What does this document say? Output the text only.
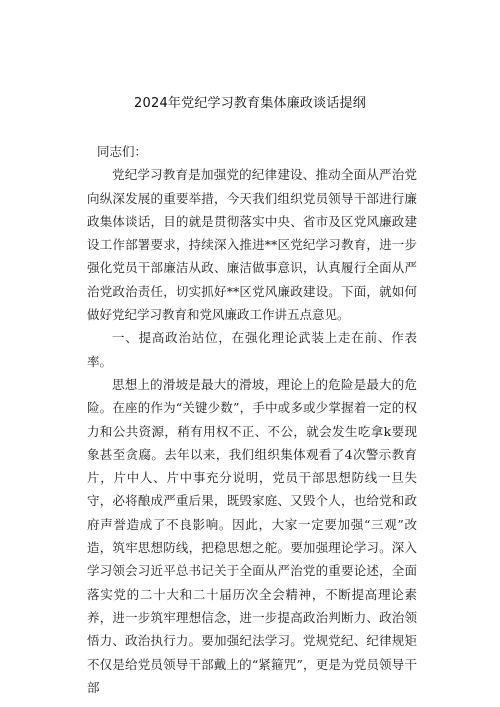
2024年党纪学习教育集体廉政谈话提纲

同志们：

党纪学习教育是加强党的纪律建设、推动全面从严治党向纵深发展的重要举措，今天我们组织党员领导干部进行廉政集体谈话，目的就是贯彻落实中央、省市及区党风廉政建设工作部署要求，持续深入推进**区党纪学习教育，进一步强化党员干部廉洁从政、廉洁做事意识，认真履行全面从严治党政治责任，切实抓好**区党风廉政建设。下面，就如何做好党纪学习教育和党风廉政工作讲五点意见。

一、提高政治站位，在强化理论武装上走在前、作表率。

思想上的滑坡是最大的滑坡，理论上的危险是最大的危险。在座的作为“关键少数”，手中或多或少掌握着一定的权力和公共资源，稍有用权不正、不公，就会发生吃拿k要现象甚至贪腐。去年以来，我们组织集体观看了4次警示教育片，片中人、片中事充分说明，党员干部思想防线一旦失守，必将酿成严重后果，既毁家庭、又毁个人，也给党和政府声誉造成了不良影响。因此，大家一定要加强“三观”改造，筑牢思想防线，把稳思想之舵。要加强理论学习。深入学习领会习近平总书记关于全面从严治党的重要论述，全面落实党的二十大和二十届历次全会精神，不断提高理论素养，进一步筑牢理想信念，进一步提高政治判断力、政治领悟力、政治执行力。要加强纪法学习。党规党纪、纪律规矩不仅是给党员领导干部戴上的“紧箍咒”，更是为党员领导干部
